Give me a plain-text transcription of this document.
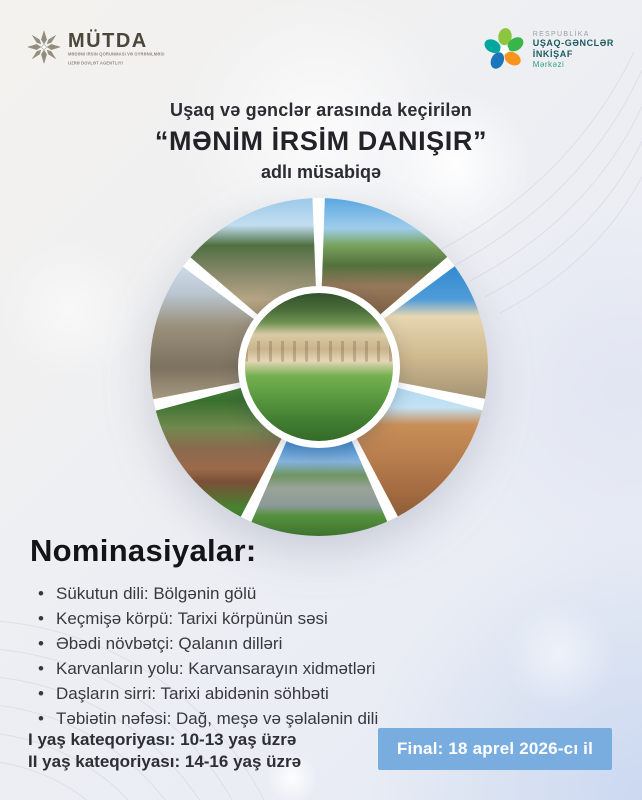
MÜTDA
MƏDƏNİ İRSİN QORUNMASI VƏ ÖYRƏNİLMƏSİ
ÜZRƏ DÖVLƏT AGENTLİYİ
RESPUBLİKA
UŞAQ-GƏNCLƏR
İNKİŞAF
Mərkəzi
Uşaq və gənclər arasında keçirilən
“MƏNİM İRSİM DANIŞIR”
adlı müsabiqə
Nominasiyalar:
• Sükutun dili: Bölgənin gölü
• Keçmişə körpü: Tarixi körpünün səsi
• Əbədi növbətçi: Qalanın dilləri
• Karvanların yolu: Karvansarayın xidmətləri
• Daşların sirri: Tarixi abidənin söhbəti
• Təbiətin nəfəsi: Dağ, meşə və şəlalənin dili
I yaş kateqoriyası: 10-13 yaş üzrə
II yaş kateqoriyası: 14-16 yaş üzrə
Final: 18 aprel 2026-cı il
